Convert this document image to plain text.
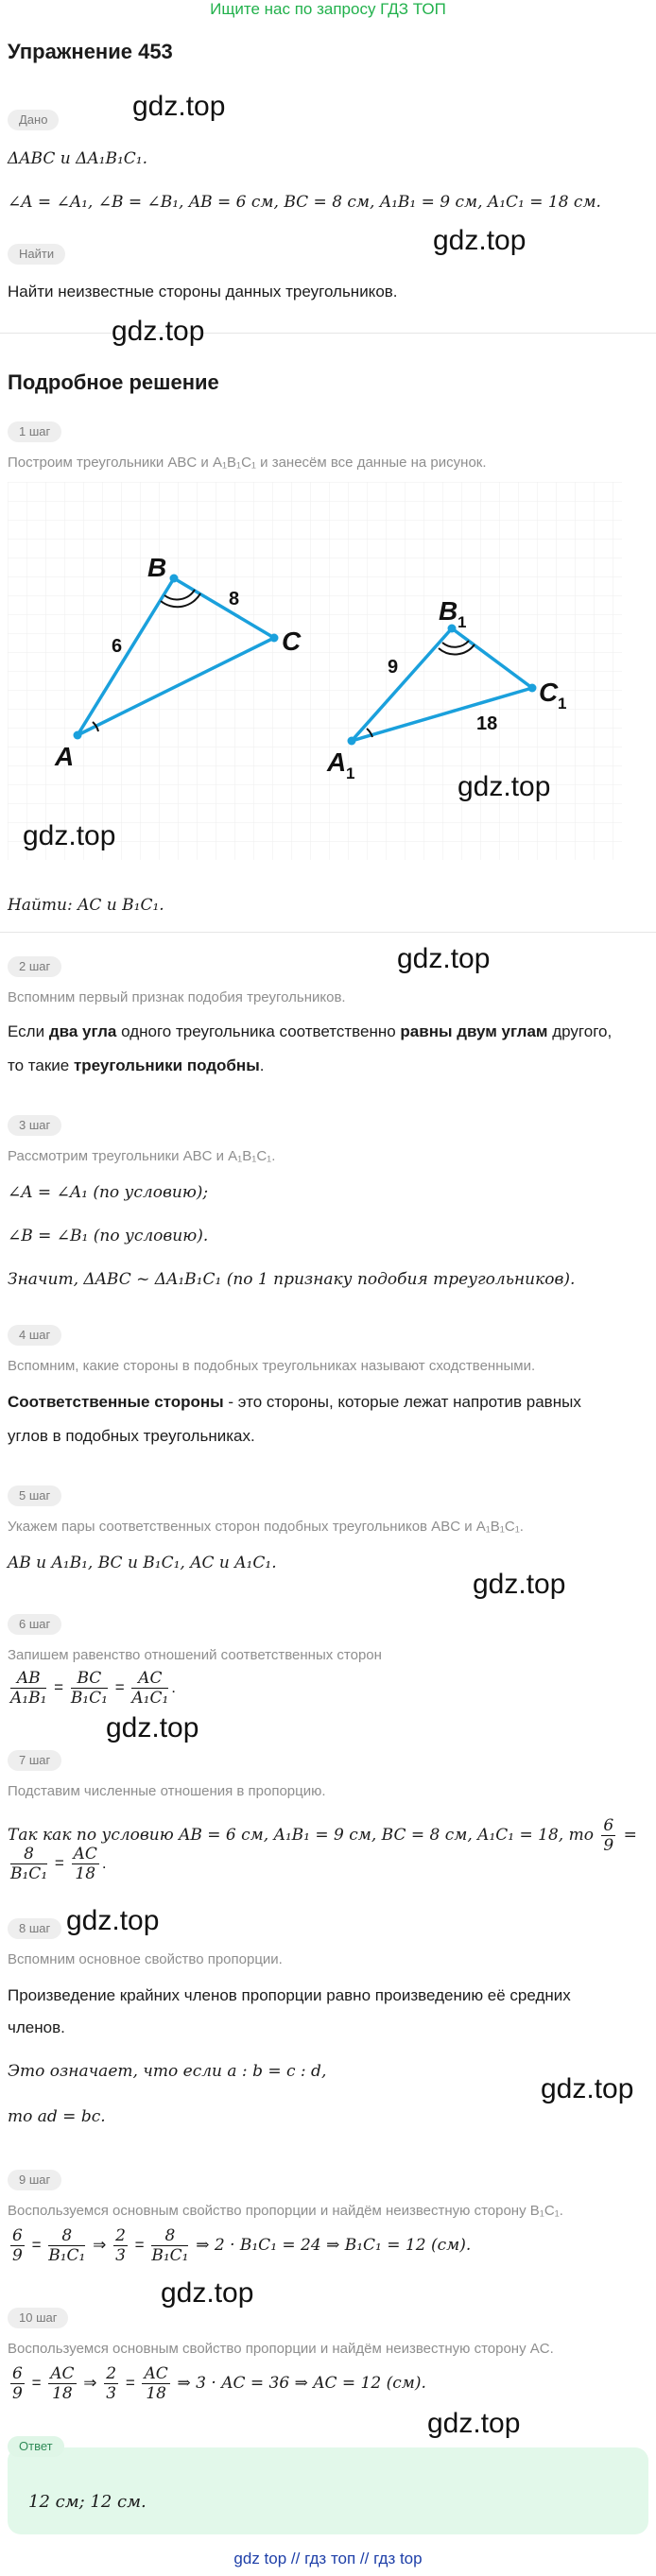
Ищите нас по запросу ГДЗ ТОП
Упражнение 453
Дано	gdz.top
ΔABC и ΔA₁B₁C₁.
∠A = ∠A₁, ∠B = ∠B₁, AB = 6 см, BC = 8 см, A₁B₁ = 9 см, A₁C₁ = 18 см.
gdz.top
Найти
Найти неизвестные стороны данных треугольников.
gdz.top
Подробное решение
1 шаг
Построим треугольники ABC и A₁B₁C₁ и занесём все данные на рисунок.
A
B
C
6
8
A 1
B 1
C 1
9
18
gdz.top
gdz.top
Найти: AC и B₁C₁.
gdz.top
2 шаг
Вспомним первый признак подобия треугольников.
Если два угла одного треугольника соответственно равны двум углам другого,
то такие треугольники подобны.
3 шаг
Рассмотрим треугольники ABC и A₁B₁C₁.
∠A = ∠A₁ (по условию);
∠B = ∠B₁ (по условию).
Значит, ΔABC ~ ΔA₁B₁C₁ (по 1 признаку подобия треугольников).
4 шаг
Вспомним, какие стороны в подобных треугольниках называют сходственными.
Соответственные стороны - это стороны, которые лежат напротив равных
углов в подобных треугольниках.
5 шаг
Укажем пары соответственных сторон подобных треугольников ABC и A₁B₁C₁.
AB и A₁B₁, BC и B₁C₁, AC и A₁C₁.
gdz.top
6 шаг
Запишем равенство отношений соответственных сторон
$\frac{AB}{\text{A₁B₁}} = \frac{BC}{\text{B₁C₁}} = \frac{AC}{\text{A₁C₁}}$ .
gdz.top
7 шаг
Подставим численные отношения в пропорцию.
Так как по условию AB = 6 см, A₁B₁ = 9 см, BC = 8 см, A₁C₁ = 18, то $\frac{6}{9}$ =
$\frac{8}{\text{B₁C₁}} = \frac{AC}{18}$ .
8 шаг gdz.top
Вспомним основное свойство пропорции.
Произведение крайних членов пропорции равно произведению её средних
членов.
Это означает, что если a : b = c : d,
gdz.top
то ad = bc.
9 шаг
Воспользуемся основным свойство пропорции и найдём неизвестную сторону B₁C₁.
$\frac{6}{9} = \frac{8}{\text{B₁C₁}}$ ⇒ $\frac{2}{3} = \frac{8}{\text{B₁C₁}}$ ⇒ 2 · B₁C₁ = 24 ⇒ B₁C₁ = 12 (см).
gdz.top
10 шаг
Воспользуемся основным свойство пропорции и найдём неизвестную сторону AC.
$\frac{6}{9} = \frac{AC}{18}$ ⇒ $\frac{2}{3} = \frac{AC}{18}$ ⇒ 3 · AC = 36 ⇒ AC = 12 (см).
gdz.top
Ответ
12 см; 12 см.
gdz top // гдз топ // гдз top
